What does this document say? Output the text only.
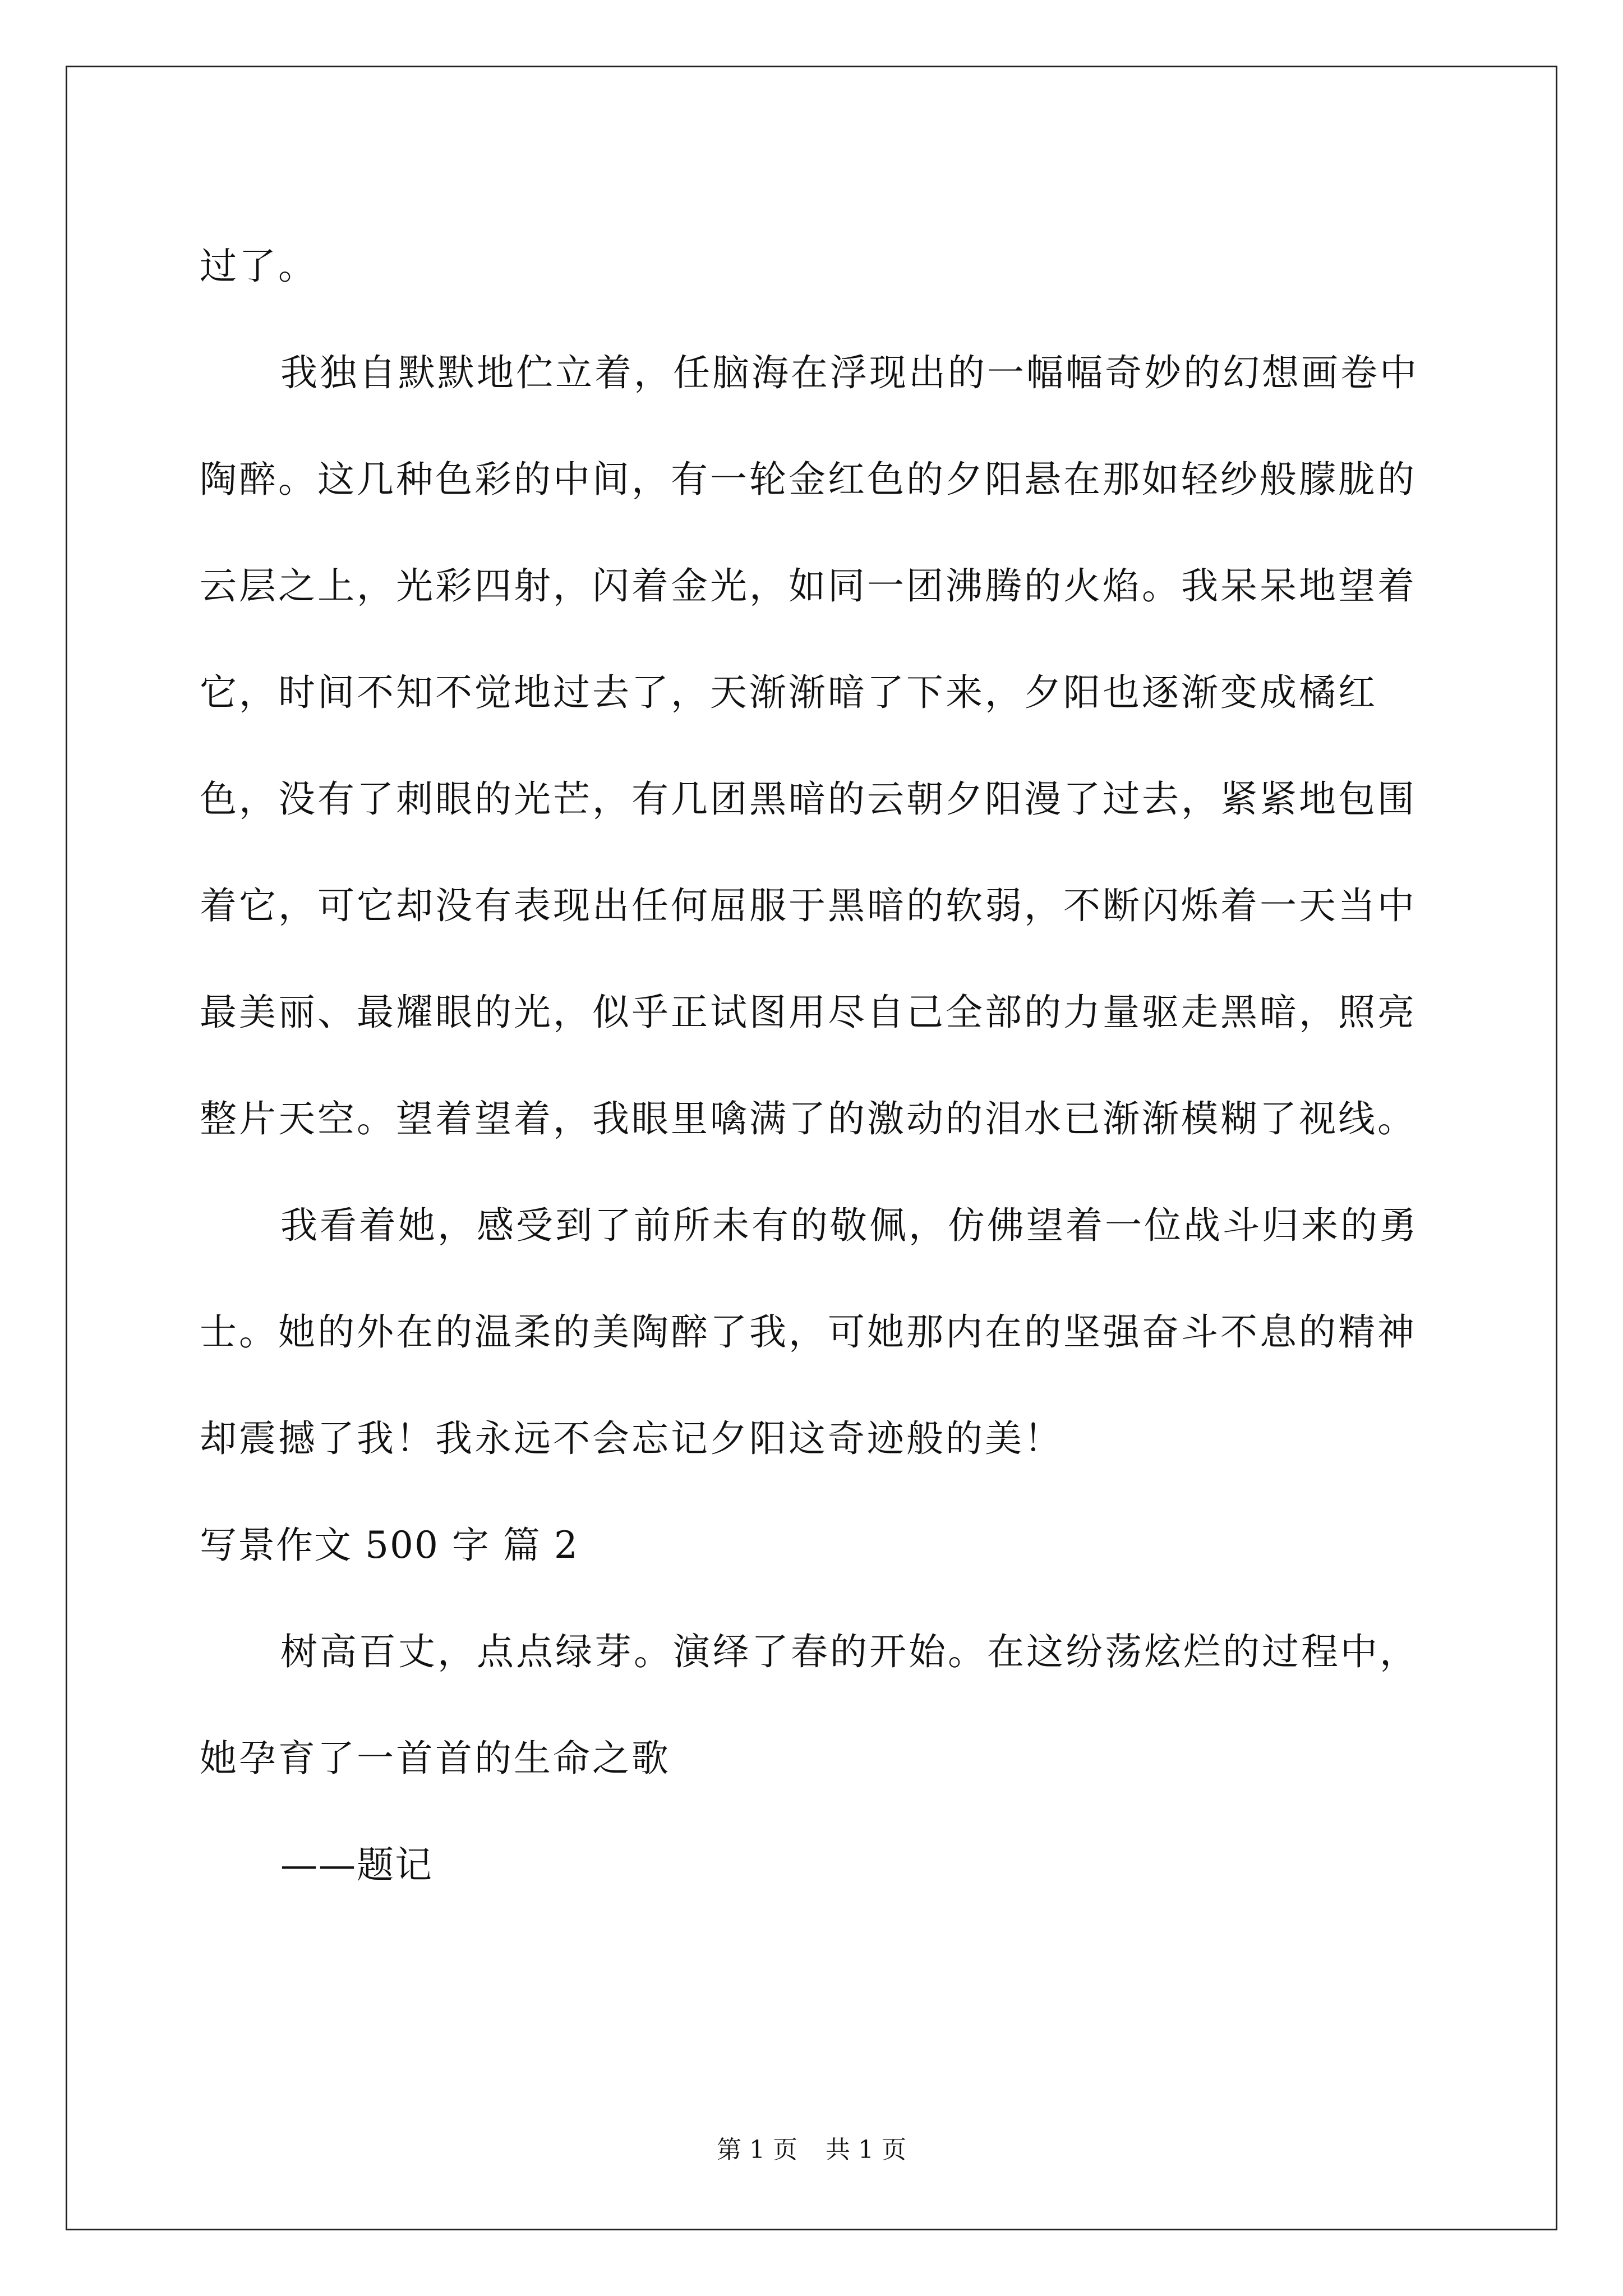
过了。

我独自默默地伫立着，任脑海在浮现出的一幅幅奇妙的幻想画卷中陶醉。这几种色彩的中间，有一轮金红色的夕阳悬在那如轻纱般朦胧的云层之上，光彩四射，闪着金光，如同一团沸腾的火焰。我呆呆地望着它，时间不知不觉地过去了，天渐渐暗了下来，夕阳也逐渐变成橘红色，没有了刺眼的光芒，有几团黑暗的云朝夕阳漫了过去，紧紧地包围着它，可它却没有表现出任何屈服于黑暗的软弱，不断闪烁着一天当中最美丽、最耀眼的光，似乎正试图用尽自己全部的力量驱走黑暗，照亮整片天空。望着望着，我眼里噙满了的激动的泪水已渐渐模糊了视线。

我看着她，感受到了前所未有的敬佩，仿佛望着一位战斗归来的勇士。她的外在的温柔的美陶醉了我，可她那内在的坚强奋斗不息的精神却震撼了我！我永远不会忘记夕阳这奇迹般的美！

写景作文 500 字 篇 2

树高百丈，点点绿芽。演绎了春的开始。在这纷荡炫烂的过程中，她孕育了一首首的生命之歌

——题记

第 1 页 共 1 页
